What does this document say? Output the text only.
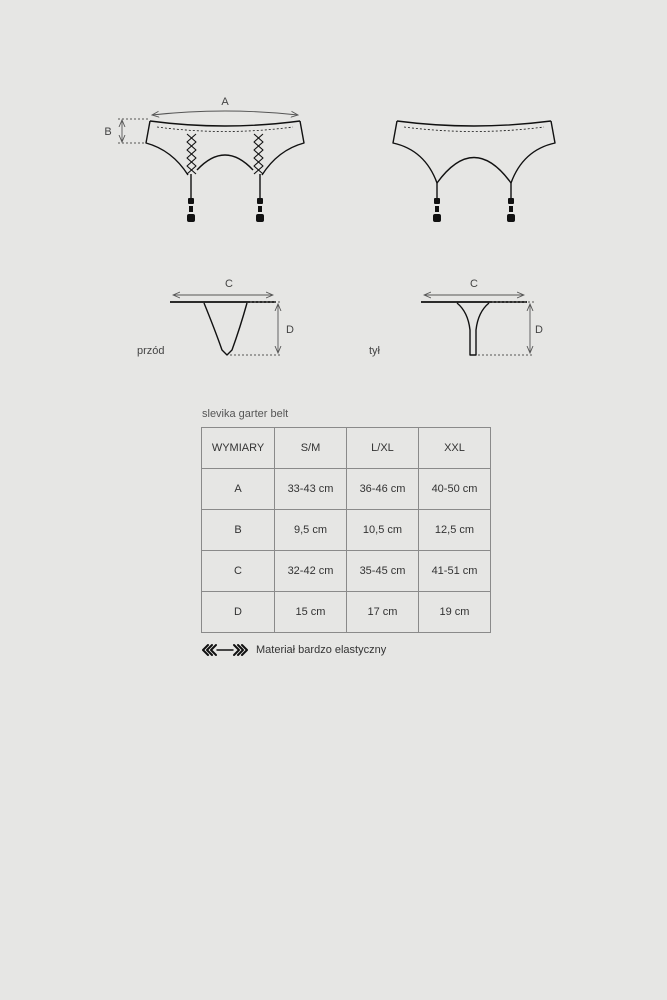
A
B
C
D
C
D
przód	tył
slevika garter belt
WYMIARY	S/M	L/XL	XXL
A	33-43 cm	36-46 cm	40-50 cm
B	9,5 cm	10,5 cm	12,5 cm
C	32-42 cm	35-45 cm	41-51 cm
D	15 cm	17 cm	19 cm
Materiał bardzo elastyczny
